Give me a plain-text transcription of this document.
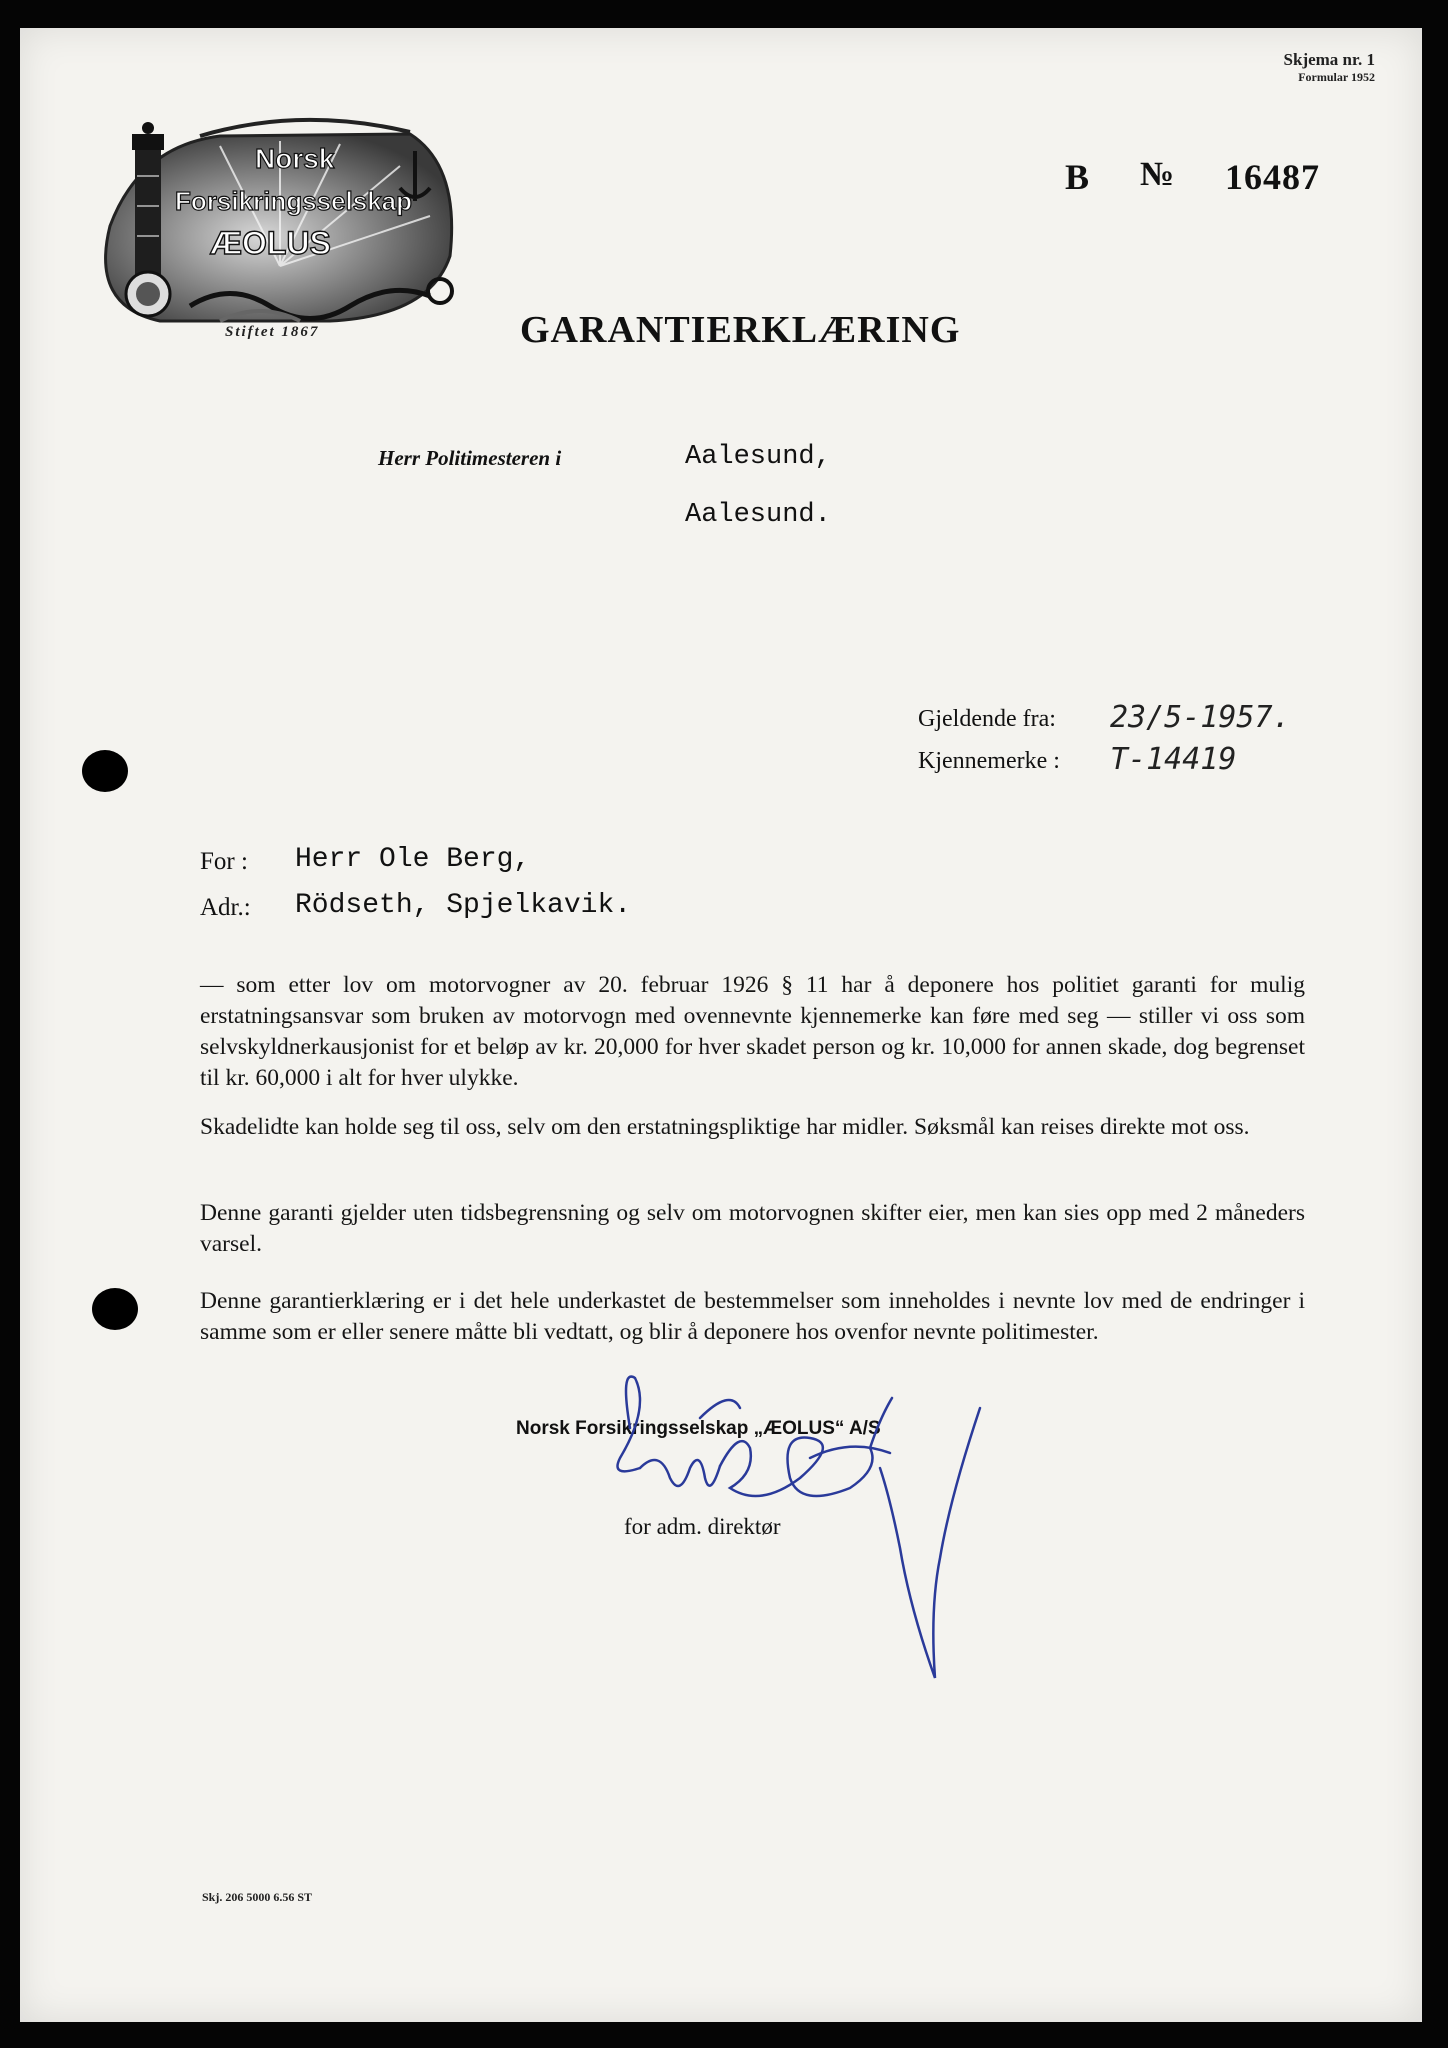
Skjema nr. 1
Formular 1952
B № 16487
Norsk
Forsikringsselskap
ÆOLUS
Stiftet 1867	GARANTIERKLÆRING
Herr Politimesteren i	Aalesund,
Aalesund.
Gjeldende fra: 23/5-1957.
Kjennemerke : T-14419
For : Herr Ole Berg,
Adr.: Rödseth, Spjelkavik.

— som etter lov om motorvogner av 20. februar 1926 § 11 har å deponere hos politiet garanti for mulig erstatningsansvar som bruken av motorvogn med ovennevnte kjennemerke kan føre med seg — stiller vi oss som selvskyldnerkausjonist for et beløp av kr. 20,000 for hver skadet person og kr. 10,000 for annen skade, dog begrenset til kr. 60,000 i alt for hver ulykke.

Skadelidte kan holde seg til oss, selv om den erstatningspliktige har midler. Søksmål kan reises direkte mot oss.

Denne garanti gjelder uten tidsbegrensning og selv om motorvognen skifter eier, men kan sies opp med 2 måneders varsel.

Denne garantierklæring er i det hele underkastet de bestemmelser som inneholdes i nevnte lov med de endringer i samme som er eller senere måtte bli vedtatt, og blir å deponere hos ovenfor nevnte politimester.

Norsk Forsikringsselskap „ÆOLUS“ A/S
for adm. direktør
Skj. 206 5000 6.56 ST
